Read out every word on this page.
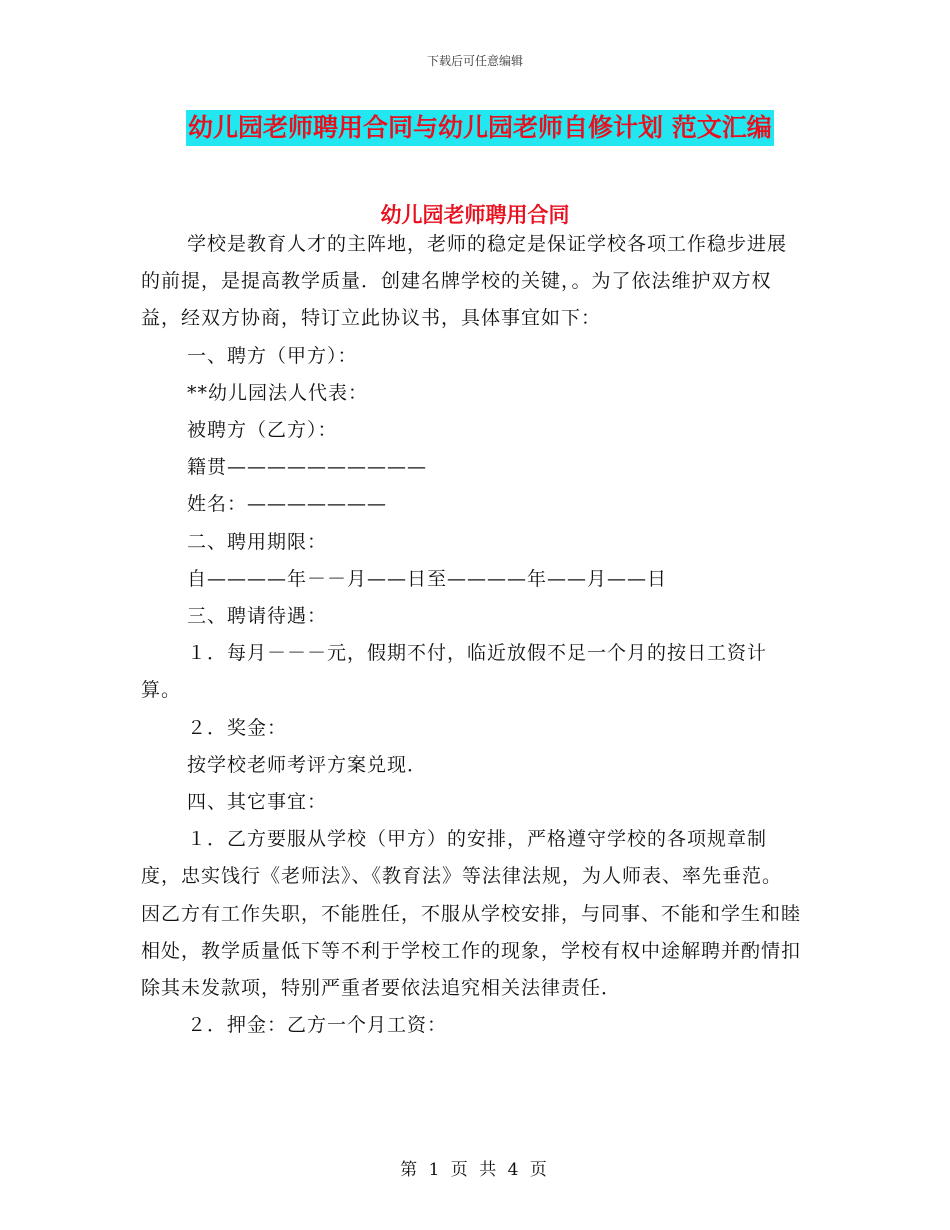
下载后可任意编辑
幼儿园老师聘用合同与幼儿园老师自修计划 范文汇编
幼儿园老师聘用合同

学校是教育人才的主阵地，老师的稳定是保证学校各项工作稳步进展的前提，是提高教学质量．创建名牌学校的关键，。为了依法维护双方权益，经双方协商，特订立此协议书，具体事宜如下：

一、聘方（甲方）：

**幼儿园法人代表：

被聘方（乙方）：

籍贯——————————

姓名：———————

二、聘用期限：

自————年－－月——日至————年——月——日

三、聘请待遇：

１．每月－－－元，假期不付，临近放假不足一个月的按日工资计算。

２．奖金：

按学校老师考评方案兑现．

四、其它事宜：

１．乙方要服从学校（甲方）的安排，严格遵守学校的各项规章制度，忠实饯行《老师法》、《教育法》等法律法规，为人师表、率先垂范。因乙方有工作失职，不能胜任，不服从学校安排，与同事、不能和学生和睦相处，教学质量低下等不利于学校工作的现象，学校有权中途解聘并酌情扣除其未发款项，特别严重者要依法追究相关法律责任．

２．押金：乙方一个月工资：

第 1 页 共 4 页
